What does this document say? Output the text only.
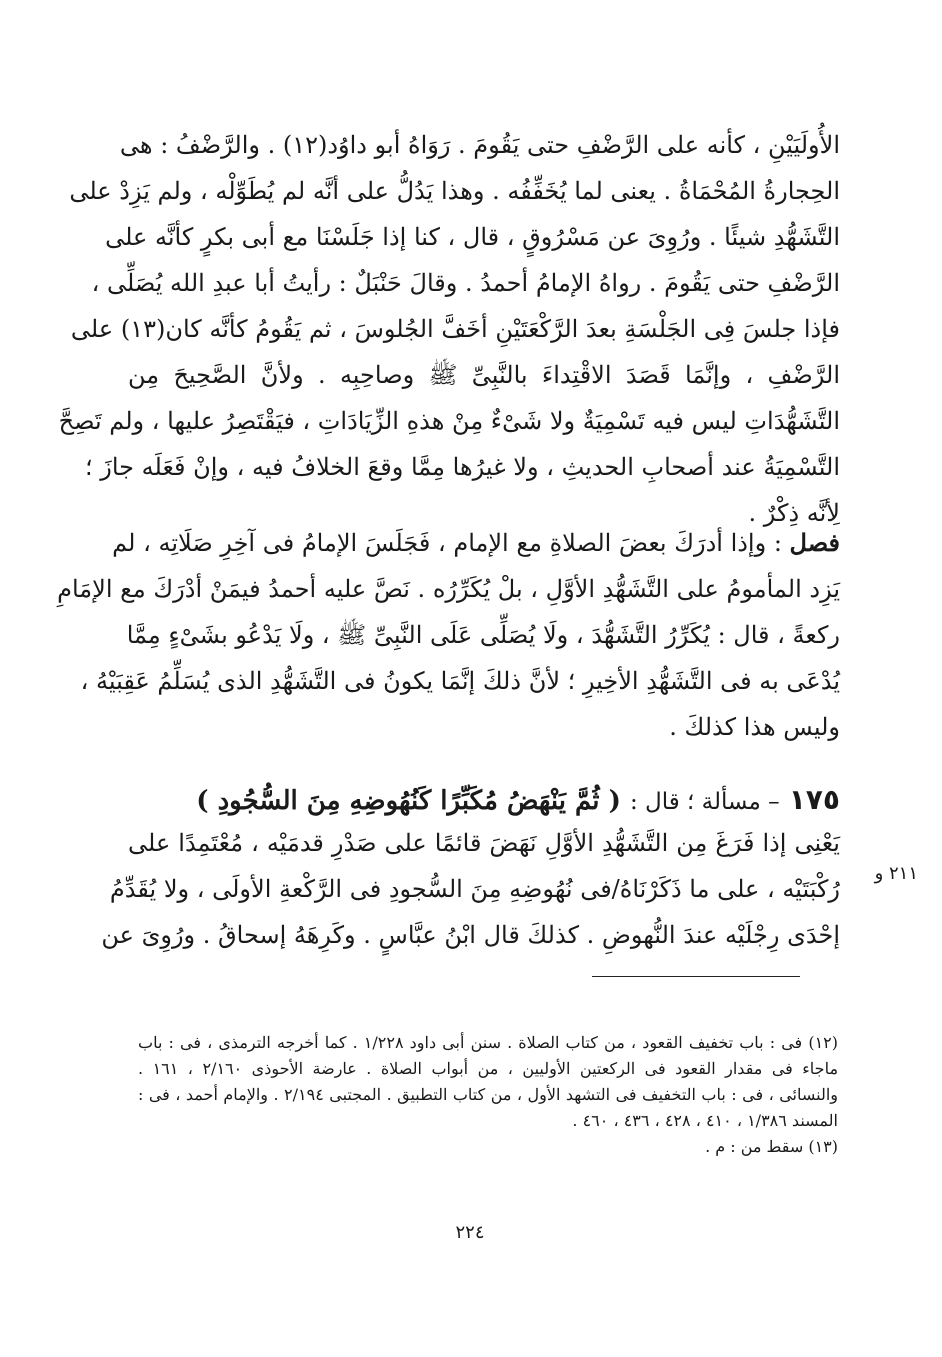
الأُولَيَيْنِ ، كأنه على الرَّضْفِ حتى يَقُومَ . رَوَاهُ أبو داوُد(١٢) . والرَّضْفُ : هى
الحِجارةُ المُحْمَاةُ . يعنى لما يُخَفِّفُه . وهذا يَدُلُّ على أنَّه لم يُطَوِّلْه ، ولم يَزِدْ على
التَّشَهُّدِ شيئًا . ورُوِىَ عن مَسْرُوقٍ ، قال ، كنا إذا جَلَسْنَا مع أبى بكرٍ كأنَّه على
الرَّضْفِ حتى يَقُومَ . رواهُ الإمامُ أحمدُ . وقالَ حَنْبَلٌ : رأيتُ أبا عبدِ الله يُصَلِّى ،
فإذا جلسَ فِى الجَلْسَةِ بعدَ الرَّكْعَتَيْنِ أخَفَّ الجُلوسَ ، ثم يَقُومُ كأنَّه كان(١٣) على
الرَّضْفِ ، وإنَّمَا قَصَدَ الاقْتِداءَ بالنَّبِىِّ ﷺ وصاحِبِه . ولأنَّ الصَّحِيحَ مِن
التَّشَهُّدَاتِ ليس فيه تَسْمِيَةٌ ولا شَىْءٌ مِنْ هذهِ الزِّيَادَاتِ ، فيَقْتَصِرُ عليها ، ولم تَصِحَّ
التَّسْمِيَةُ عند أصحابِ الحديثِ ، ولا غيرُها مِمَّا وقعَ الخلافُ فيه ، وإنْ فَعَلَه جازَ ؛
لِأنَّه ذِكْرٌ .
فصل : وإذا أدرَكَ بعضَ الصلاةِ مع الإمام ، فَجَلَسَ الإمامُ فى آخِرِ صَلَاتِه ، لم
يَزِد المأمومُ على التَّشَهُّدِ الأوَّلِ ، بلْ يُكَرِّرُه . نَصَّ عليه أحمدُ فيمَنْ أدْرَكَ مع الإمَامِ
ركعةً ، قال : يُكَرِّرُ التَّشَهُّدَ ، ولَا يُصَلِّى عَلَى النَّبِىِّ ﷺ ، ولَا يَدْعُو بشَىْءٍ مِمَّا
يُدْعَى به فى التَّشَهُّدِ الأخِيرِ ؛ لأنَّ ذلكَ إنَّمَا يكونُ فى التَّشَهُّدِ الذى يُسَلِّمُ عَقِبَيْهُ ،
وليس هذا كذلكَ .
١٧٥ – مسألة ؛ قال : ( ثُمَّ يَنْهَضُ مُكَبِّرًا كَنُهُوضِهِ مِنَ السُّجُودِ )
يَعْنِى إذا فَرَغَ مِن التَّشَهُّدِ الأوَّلِ نَهَضَ قائمًا على صَدْرِ قدمَيْه ، مُعْتَمِدًا على
رُكْبَتَيْه ، على ما ذَكَرْنَاهُ/فى نُهُوضِهِ مِنَ السُّجودِ فى الرَّكْعةِ الأولَى ، ولا يُقَدِّمُ
إحْدَى رِجْلَيْه عندَ النُّهوضِ . كذلكَ قال ابْنُ عبَّاسٍ . وكَرِهَهُ إسحاقُ . ورُوِىَ عن
٢١١ و
(١٢) فى : باب تخفيف القعود ، من كتاب الصلاة . سنن أبى داود ١/٢٢٨ . كما أخرجه الترمذى ، فى : باب
ماجاء فى مقدار القعود فى الركعتين الأوليين ، من أبواب الصلاة . عارضة الأحوذى ٢/١٦٠ ، ١٦١ .
والنسائى ، فى : باب التخفيف فى التشهد الأول ، من كتاب التطبيق . المجتبى ٢/١٩٤ . والإمام أحمد ، فى :
المسند ١/٣٨٦ ، ٤١٠ ، ٤٢٨ ، ٤٣٦ ، ٤٦٠ .
(١٣) سقط من : م .
٢٢٤
